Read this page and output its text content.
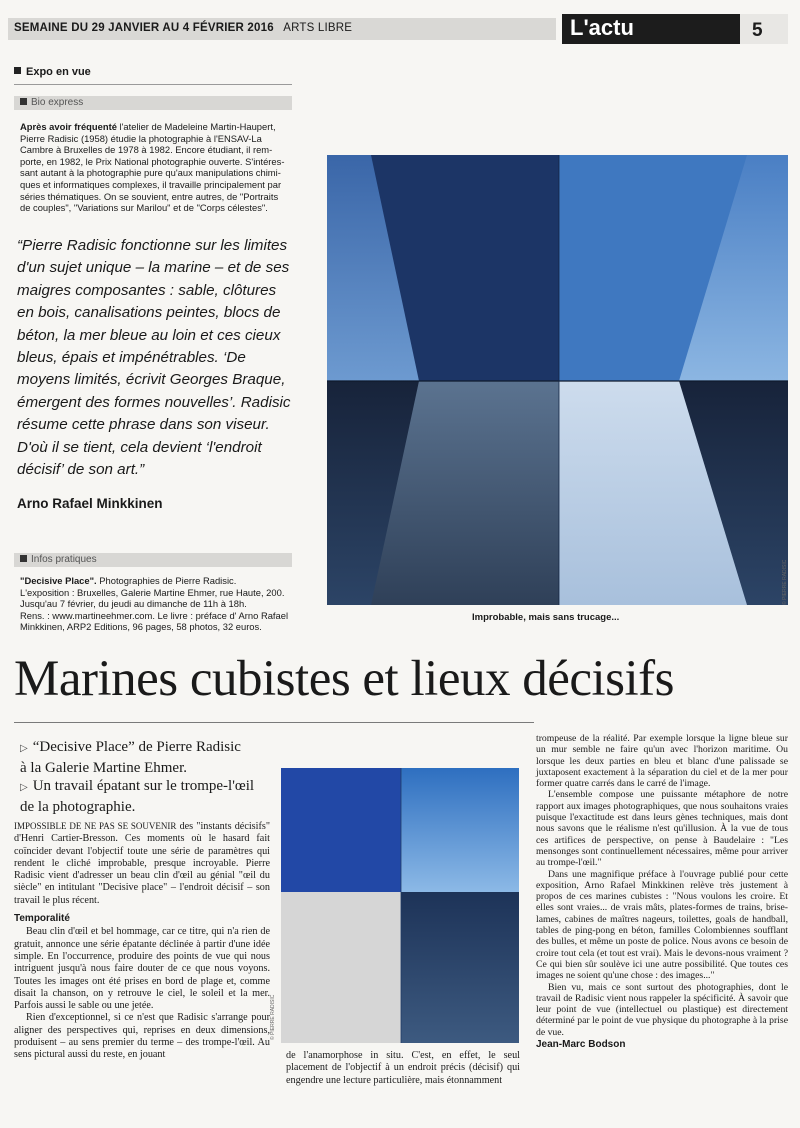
SEMAINE DU 29 JANVIER AU 4 FÉVRIER 2016 ARTS LIBRE	L'actu	5
Expo en vue
Bio express
Après avoir fréquenté l'atelier de Madeleine Martin-Haupert,
Pierre Radisic (1958) étudie la photographie à l'ENSAV-La
Cambre à Bruxelles de 1978 à 1982. Encore étudiant, il rem-
porte, en 1982, le Prix National photographie ouverte. S'intéres-
sant autant à la photographie pure qu'aux manipulations chimi-
ques et informatiques complexes, il travaille principalement par
séries thématiques. On se souvient, entre autres, de "Portraits
de couples", "Variations sur Marilou" et de "Corps célestes".
“Pierre Radisic fonctionne sur les limites
d'un sujet unique – la marine – et de ses
maigres composantes : sable, clôtures
en bois, canalisations peintes, blocs de
béton, la mer bleue au loin et ces cieux
bleus, épais et impénétrables. ‘De
moyens limités, écrivit Georges Braque,
émergent des formes nouvelles’. Radisic
résume cette phrase dans son viseur.
D'où il se tient, cela devient ‘l'endroit
décisif’ de son art.”
Arno Rafael Minkkinen
Infos pratiques
"Decisive Place". Photographies de Pierre Radisic.
L'exposition : Bruxelles, Galerie Martine Ehmer, rue Haute, 200.
Jusqu'au 7 février, du jeudi au dimanche de 11h à 18h.
Rens. : www.martineehmer.com. Le livre : préface d' Arno Rafael
Minkkinen, ARP2 Editions, 96 pages, 58 photos, 32 euros.
© PIERRE RADISIC
Improbable, mais sans trucage...
Marines cubistes et lieux décisifs
▷ “Decisive Place” de Pierre Radisic
à la Galerie Martine Ehmer.
▷ Un travail épatant sur le trompe-l'œil
de la photographie.
© PIERRE RADISIC

IMPOSSIBLE DE NE PAS SE SOUVENIR des "instants décisifs" d'Henri Cartier-Bresson. Ces moments où le hasard fait coïncider devant l'objectif toute une série de paramètres qui rendent le cliché improbable, presque incroyable. Pierre Radisic vient d'adresser un beau clin d'œil au génial "œil du siècle" en intitulant "Decisive place" – l'endroit décisif – son travail le plus récent.

Temporalité

Beau clin d'œil et bel hommage, car ce titre, qui n'a rien de gratuit, annonce une série épatante déclinée à partir d'une idée simple. En l'occurrence, produire des points de vue qui nous intriguent jusqu'à nous faire douter de ce que nous voyons. Toutes les images ont été prises en bord de plage et, comme disait la chanson, on y retrouve le ciel, le soleil et la mer. Parfois aussi le sable ou une jetée.

Rien d'exceptionnel, si ce n'est que Radisic s'arrange pour aligner des perspectives qui, reprises en deux dimensions, produisent – au sens premier du terme – des trompe-l'œil. Au sens pictural aussi du reste, en jouant	de l'anamorphose in situ. C'est, en effet, le seul placement de l'objectif à un endroit précis (décisif) qui engendre une lecture particulière, mais étonnamment

trompeuse de la réalité. Par exemple lorsque la ligne bleue sur un mur semble ne faire qu'un avec l'horizon maritime. Ou lorsque les deux parties en bleu et blanc d'une palissade se juxtaposent exactement à la séparation du ciel et de la mer pour former quatre carrés dans le carré de l'image.

L'ensemble compose une puissante métaphore de notre rapport aux images photographiques, que nous souhaitons vraies puisque l'exactitude est dans leurs gènes techniques, mais dont nous savons que le réalisme n'est qu'illusion. À la vue de tous ces artifices de perspective, on pense à Baudelaire : "Les mensonges sont continuellement nécessaires, même pour arriver au trompe-l'œil."

Dans une magnifique préface à l'ouvrage publié pour cette exposition, Arno Rafael Minkkinen relève très justement à propos de ces marines cubistes : "Nous voulons les croire. Et elles sont vraies... de vrais mâts, plates-formes de trains, brise-lames, cabines de maîtres nageurs, toilettes, goals de handball, tables de ping-pong en béton, familles Colombiennes soufflant des bulles, et même un poste de police. Nous avons ce besoin de croire tout cela (et tout est vrai). Mais le devons-nous vraiment ? Ce qui bien sûr soulève ici une autre possibilité. Que toutes ces images ne soient qu'une chose : des images..."

Bien vu, mais ce sont surtout des photographies, dont le travail de Radisic vient nous rappeler la spécificité. À savoir que leur point de vue (intellectuel ou plastique) est directement déterminé par le point de vue physique du photographe à la prise de vue.

Jean-Marc Bodson
